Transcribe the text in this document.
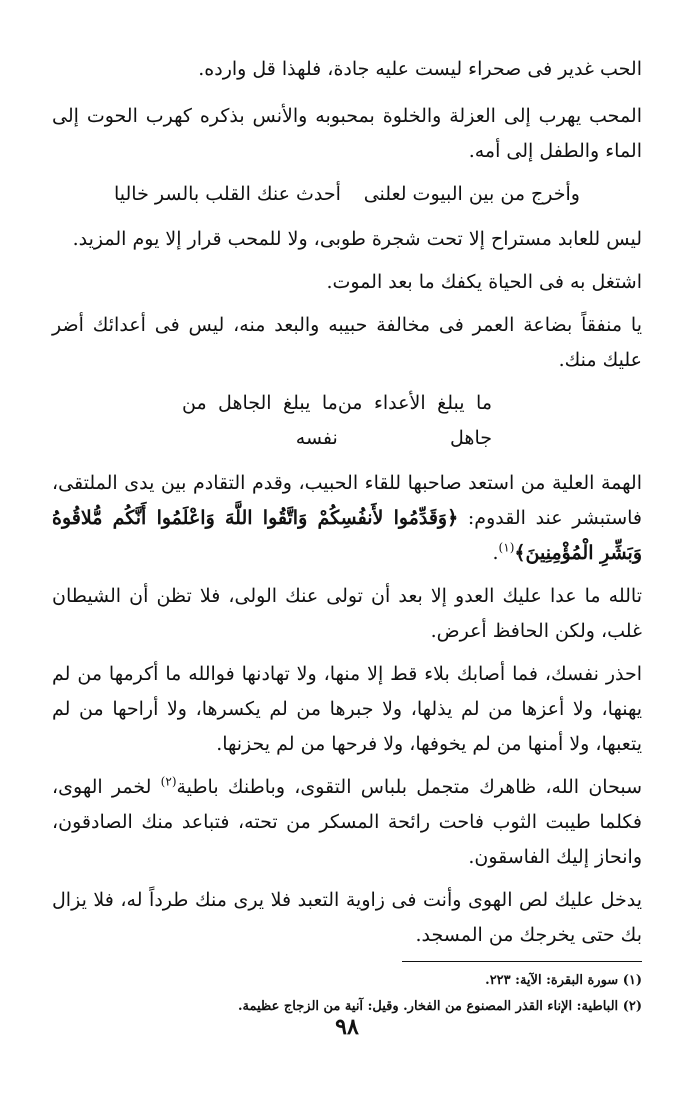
الحب غدير فى صحراء ليست عليه جادة، فلهذا قل وارده.

المحب يهرب إلى العزلة والخلوة بمحبوبه والأنس بذكره كهرب الحوت إلى الماء والطفل إلى أمه.

وأخرج من بين البيوت لعلنى
أحدث عنك القلب بالسر خاليا

ليس للعابد مستراح إلا تحت شجرة طوبى، ولا للمحب قرار إلا يوم المزيد.

اشتغل به فى الحياة يكفك ما بعد الموت.

يا منفقاً بضاعة العمر فى مخالفة حبيبه والبعد منه، ليس فى أعدائك أضر عليك منك.

ما يبلغ الأعداء من جاهل
ما يبلغ الجاهل من نفسه

الهمة العلية من استعد صاحبها للقاء الحبيب، وقدم التقادم بين يدى الملتقى، فاستبشر عند القدوم: ﴿وَقَدِّمُوا لأَنفُسِكُمْ وَاتَّقُوا اللَّهَ وَاعْلَمُوا أَنَّكُم مُّلاقُوهُ وَبَشِّرِ الْمُؤْمِنِينَ﴾$^{(١)}$.

تالله ما عدا عليك العدو إلا بعد أن تولى عنك الولى، فلا تظن أن الشيطان غلب، ولكن الحافظ أعرض.

احذر نفسك، فما أصابك بلاء قط إلا منها، ولا تهادنها فوالله ما أكرمها من لم يهنها، ولا أعزها من لم يذلها، ولا جبرها من لم يكسرها، ولا أراحها من لم يتعبها، ولا أمنها من لم يخوفها، ولا فرحها من لم يحزنها.

سبحان الله، ظاهرك متجمل بلباس التقوى، وباطنك باطية$^{(٢)}$ لخمر الهوى، فكلما طيبت الثوب فاحت رائحة المسكر من تحته، فتباعد منك الصادقون، وانحاز إليك الفاسقون.

يدخل عليك لص الهوى وأنت فى زاوية التعبد فلا يرى منك طرداً له، فلا يزال بك حتى يخرجك من المسجد.

(١) سورة البقرة: الآية: ٢٢٣.

(٢) الباطية: الإناء القذر المصنوع من الفخار. وقيل: آنية من الزجاج عظيمة.

٩٨
